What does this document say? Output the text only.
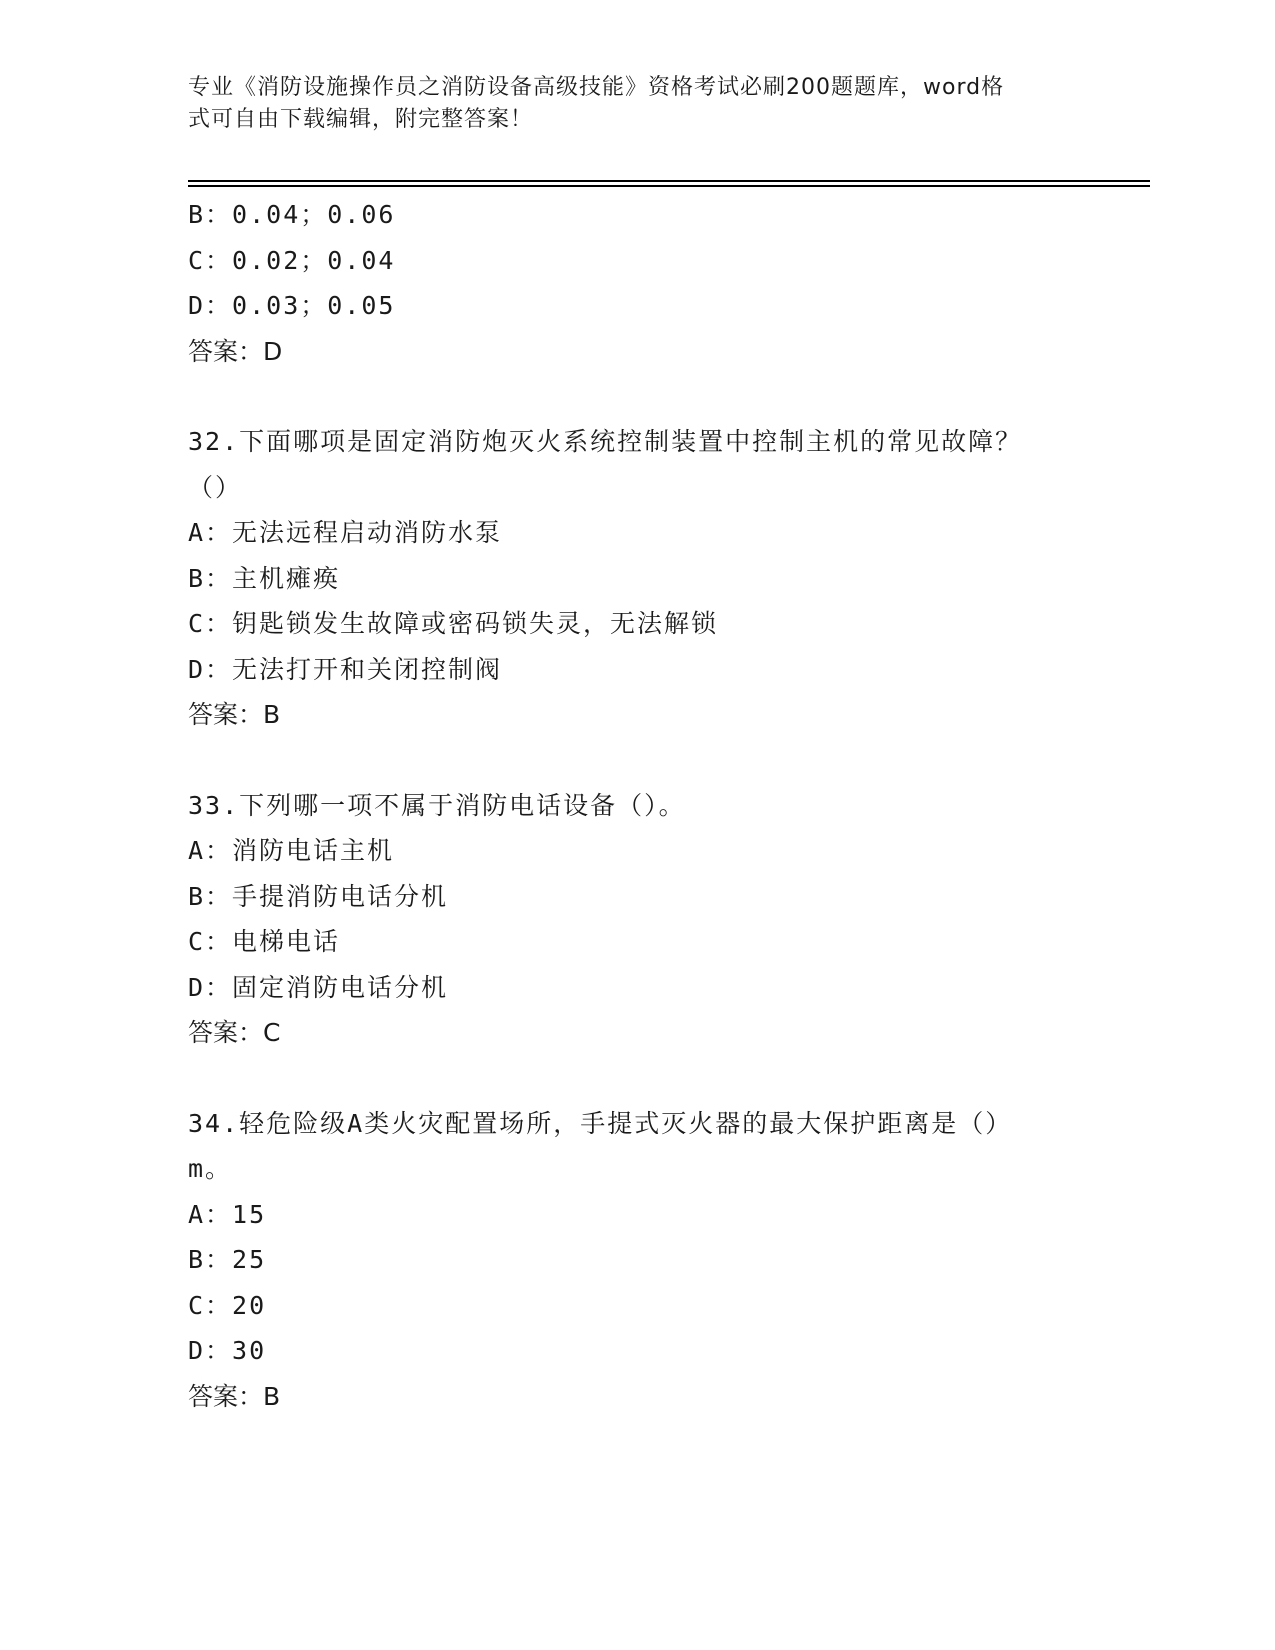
专业《消防设施操作员之消防设备高级技能》资格考试必刷200题题库，word格
式可自由下载编辑，附完整答案！
B：0.04；0.06
C：0.02；0.04
D：0.03；0.05
答案：D
32.下面哪项是固定消防炮灭火系统控制装置中控制主机的常见故障？
（）
A：无法远程启动消防水泵
B：主机瘫痪
C：钥匙锁发生故障或密码锁失灵，无法解锁
D：无法打开和关闭控制阀
答案：B
33.下列哪一项不属于消防电话设备（）。
A：消防电话主机
B：手提消防电话分机
C：电梯电话
D：固定消防电话分机
答案：C
34.轻危险级A类火灾配置场所，手提式灭火器的最大保护距离是（）
m。
A：15
B：25
C：20
D：30
答案：B
